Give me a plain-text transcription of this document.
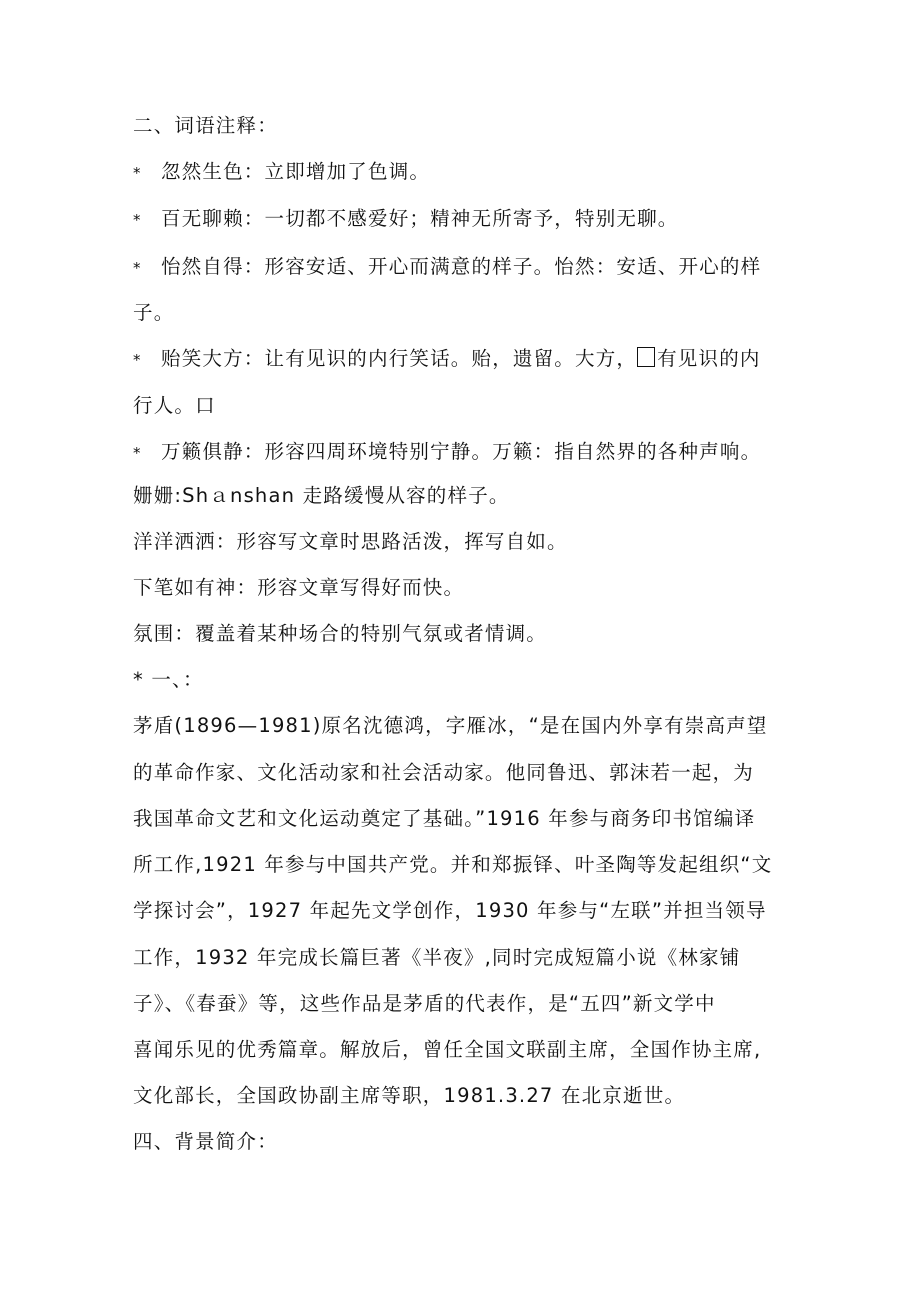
二、词语注释：
* 忽然生色：立即增加了色调。
* 百无聊赖：一切都不感爱好；精神无所寄予，特别无聊。
* 怡然自得：形容安适、开心而满意的样子。怡然：安适、开心的样
子。
* 贻笑大方：让有见识的内行笑话。贻，遗留。大方， 有见识的内
行人。口
* 万籁俱静：形容四周环境特别宁静。万籁：指自然界的各种声响。
姗姗:Shａnshan 走路缓慢从容的样子。
洋洋洒洒：形容写文章时思路活泼，挥写自如。
下笔如有神：形容文章写得好而快。
氛围：覆盖着某种场合的特别气氛或者情调。
* 一、：
茅盾(1896—1981)原名沈德鸿，字雁冰，“是在国内外享有崇高声望
的革命作家、文化活动家和社会活动家。他同鲁迅、郭沫若一起，为
我国革命文艺和文化运动奠定了基础。”1916 年参与商务印书馆编译
所工作,1921 年参与中国共产党。并和郑振铎、叶圣陶等发起组织“文
学探讨会”，1927 年起先文学创作，1930 年参与“左联”并担当领导
工作，1932 年完成长篇巨著《半夜》,同时完成短篇小说《林家铺
子》、《春蚕》等，这些作品是茅盾的代表作，是“五四”新文学中
喜闻乐见的优秀篇章。解放后，曾任全国文联副主席，全国作协主席,
文化部长，全国政协副主席等职，1981.3.27 在北京逝世。
四、背景简介：
